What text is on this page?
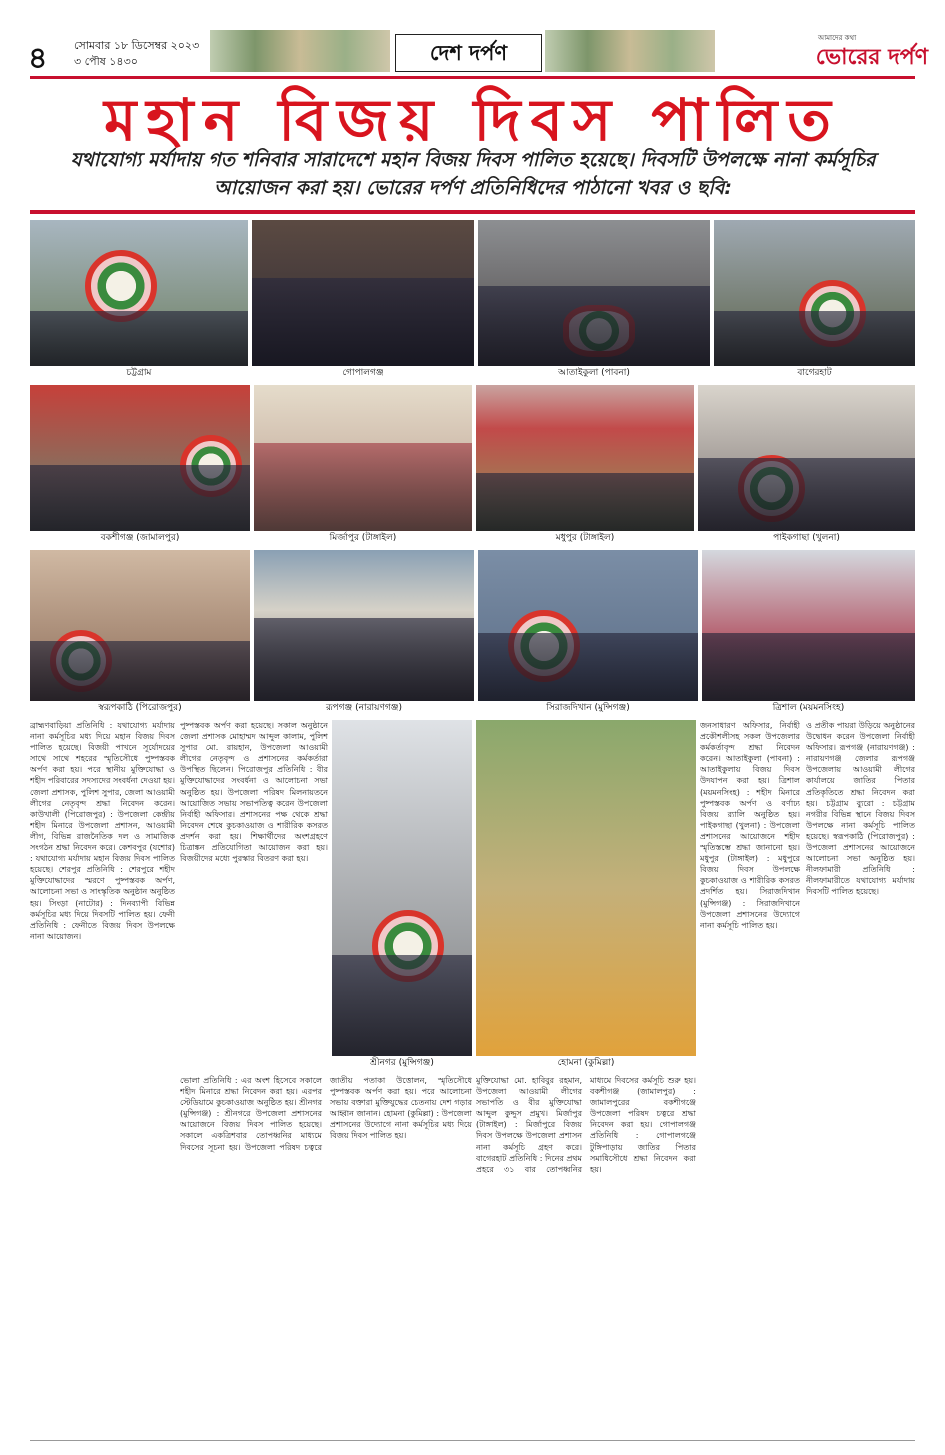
৪ সোমবার ১৮ ডিসেম্বর ২০২৩
৩ পৌষ ১৪৩০	দেশ দর্পণ
আমাদের কথা
ভোরের দর্পণ
মহান বিজয় দিবস পালিত
যথাযোগ্য মর্যাদায় গত শনিবার সারাদেশে মহান বিজয় দিবস পালিত হয়েছে। দিবসটি উপলক্ষে নানা কর্মসূচির আয়োজন করা হয়। ভোরের দর্পণ প্রতিনিধিদের পাঠানো খবর ও ছবি:
চট্টগ্রাম	গোপালগঞ্জ	আতাইকুলা (পাবনা)	বাগেরহাট
বকশীগঞ্জ (জামালপুর)	মির্জাপুর (টাঙ্গাইল)	মধুপুর (টাঙ্গাইল)	পাইকগাছা (খুলনা)
স্বরূপকাঠি (পিরোজপুর)	রূপগঞ্জ (নারায়ণগঞ্জ)	সিরাজদিখান (মুন্সিগঞ্জ)	ত্রিশাল (ময়মনসিংহ)
ব্রাহ্মণবাড়িয়া প্রতিনিধি : যথাযোগ্য মর্যাদায় নানা কর্মসূচির মধ্য দিয়ে মহান বিজয় দিবস পালিত হয়েছে। বিজয়ী পাখনে সূর্যোদয়ের সাথে সাথে শহরের স্মৃতিসৌধে পুষ্পস্তবক অর্পণ করা হয়। পরে স্থানীয় মুক্তিযোদ্ধা ও শহীদ পরিবারের সদস্যদের সংবর্ধনা দেওয়া হয়। জেলা প্রশাসক, পুলিশ সুপার, জেলা আওয়ামী লীগের নেতৃবৃন্দ শ্রদ্ধা নিবেদন করেন। কাউখালী (পিরোজপুর) : উপজেলা কেন্দ্রীয় শহীদ মিনারে উপজেলা প্রশাসন, আওয়ামী লীগ, বিভিন্ন রাজনৈতিক দল ও সামাজিক সংগঠন শ্রদ্ধা নিবেদন করে। কেশবপুর (যশোর) : যথাযোগ্য মর্যাদায় মহান বিজয় দিবস পালিত হয়েছে। শেরপুর প্রতিনিধি : শেরপুরে শহীদ মুক্তিযোদ্ধাদের স্মরণে পুষ্পস্তবক অর্পণ, আলোচনা সভা ও সাংস্কৃতিক অনুষ্ঠান অনুষ্ঠিত হয়। সিংড়া (নাটোর) : দিনব্যাপী বিভিন্ন কর্মসূচির মধ্য দিয়ে দিবসটি পালিত হয়। ফেনী প্রতিনিধি : ফেনীতে বিজয় দিবস উপলক্ষে নানা আয়োজন।
পুষ্পস্তবক অর্পণ করা হয়েছে। সকাল অনুষ্ঠানে জেলা প্রশাসক মোহাম্মদ আব্দুল কালাম, পুলিশ সুপার মো. রায়হান, উপজেলা আওয়ামী লীগের নেতৃবৃন্দ ও প্রশাসনের কর্মকর্তারা উপস্থিত ছিলেন। পিরোজপুর প্রতিনিধি : বীর মুক্তিযোদ্ধাদের সংবর্ধনা ও আলোচনা সভা অনুষ্ঠিত হয়। উপজেলা পরিষদ মিলনায়তনে আয়োজিত সভায় সভাপতিত্ব করেন উপজেলা নির্বাহী অফিসার। প্রশাসনের পক্ষ থেকে শ্রদ্ধা নিবেদন শেষে কুচকাওয়াজ ও শারীরিক কসরত প্রদর্শন করা হয়। শিক্ষার্থীদের অংশগ্রহণে চিত্রাঙ্কন প্রতিযোগিতা আয়োজন করা হয়। বিজয়ীদের মধ্যে পুরস্কার বিতরণ করা হয়।
শ্রীনগর (মুন্সিগঞ্জ)	হোমনা (কুমিল্লা)
ভোলা প্রতিনিধি : এর অংশ হিসেবে সকালে শহীদ মিনারে শ্রদ্ধা নিবেদন করা হয়। এরপর স্টেডিয়ামে কুচকাওয়াজ অনুষ্ঠিত হয়। শ্রীনগর (মুন্সিগঞ্জ) : শ্রীনগরে উপজেলা প্রশাসনের আয়োজনে বিজয় দিবস পালিত হয়েছে। সকালে একত্রিশবার তোপধ্বনির মাধ্যমে দিবসের সূচনা হয়। উপজেলা পরিষদ চত্বরে জাতীয় পতাকা উত্তোলন, স্মৃতিসৌধে পুষ্পস্তবক অর্পণ করা হয়। পরে আলোচনা সভায় বক্তারা মুক্তিযুদ্ধের চেতনায় দেশ গড়ার আহ্বান জানান। হোমনা (কুমিল্লা) : উপজেলা প্রশাসনের উদ্যোগে নানা কর্মসূচির মধ্য দিয়ে বিজয় দিবস পালিত হয়।
মুক্তিযোদ্ধা মো. হাবিবুর রহমান, উপজেলা আওয়ামী লীগের সভাপতি ও বীর মুক্তিযোদ্ধা আব্দুল কুদ্দুস প্রমুখ। মির্জাপুর (টাঙ্গাইল) : মির্জাপুরে বিজয় দিবস উপলক্ষে উপজেলা প্রশাসন নানা কর্মসূচি গ্রহণ করে। বাগেরহাট প্রতিনিধি : দিনের প্রথম প্রহরে ৩১ বার তোপধ্বনির মাধ্যমে দিবসের কর্মসূচি শুরু হয়। বকশীগঞ্জ (জামালপুর) : জামালপুরের বকশীগঞ্জে উপজেলা পরিষদ চত্বরে শ্রদ্ধা নিবেদন করা হয়। গোপালগঞ্জ প্রতিনিধি : গোপালগঞ্জে টুঙ্গিপাড়ায় জাতির পিতার সমাধিসৌধে শ্রদ্ধা নিবেদন করা হয়।
জনসাধারণ অফিসার, নির্বাহী প্রকৌশলীসহ সকল উপজেলার কর্মকর্তাবৃন্দ শ্রদ্ধা নিবেদন করেন। আতাইকুলা (পাবনা) : আতাইকুলায় বিজয় দিবস উদযাপন করা হয়। ত্রিশাল (ময়মনসিংহ) : শহীদ মিনারে পুষ্পস্তবক অর্পণ ও বর্ণাঢ্য বিজয় র‍্যালি অনুষ্ঠিত হয়। পাইকগাছা (খুলনা) : উপজেলা প্রশাসনের আয়োজনে শহীদ স্মৃতিস্তম্ভে শ্রদ্ধা জানানো হয়। মধুপুর (টাঙ্গাইল) : মধুপুরে বিজয় দিবস উপলক্ষে কুচকাওয়াজ ও শারীরিক কসরত প্রদর্শিত হয়। সিরাজদিখান (মুন্সিগঞ্জ) : সিরাজদিখানে উপজেলা প্রশাসনের উদ্যোগে নানা কর্মসূচি পালিত হয়।
ও প্রতীক পায়রা উড়িয়ে অনুষ্ঠানের উদ্বোধন করেন উপজেলা নির্বাহী অফিসার। রূপগঞ্জ (নারায়ণগঞ্জ) : নারায়ণগঞ্জ জেলার রূপগঞ্জ উপজেলায় আওয়ামী লীগের কার্যালয়ে জাতির পিতার প্রতিকৃতিতে শ্রদ্ধা নিবেদন করা হয়। চট্টগ্রাম ব্যুরো : চট্টগ্রাম নগরীর বিভিন্ন স্থানে বিজয় দিবস উপলক্ষে নানা কর্মসূচি পালিত হয়েছে। স্বরূপকাঠি (পিরোজপুর) : উপজেলা প্রশাসনের আয়োজনে আলোচনা সভা অনুষ্ঠিত হয়। নীলফামারী প্রতিনিধি : নীলফামারীতে যথাযোগ্য মর্যাদায় দিবসটি পালিত হয়েছে।
